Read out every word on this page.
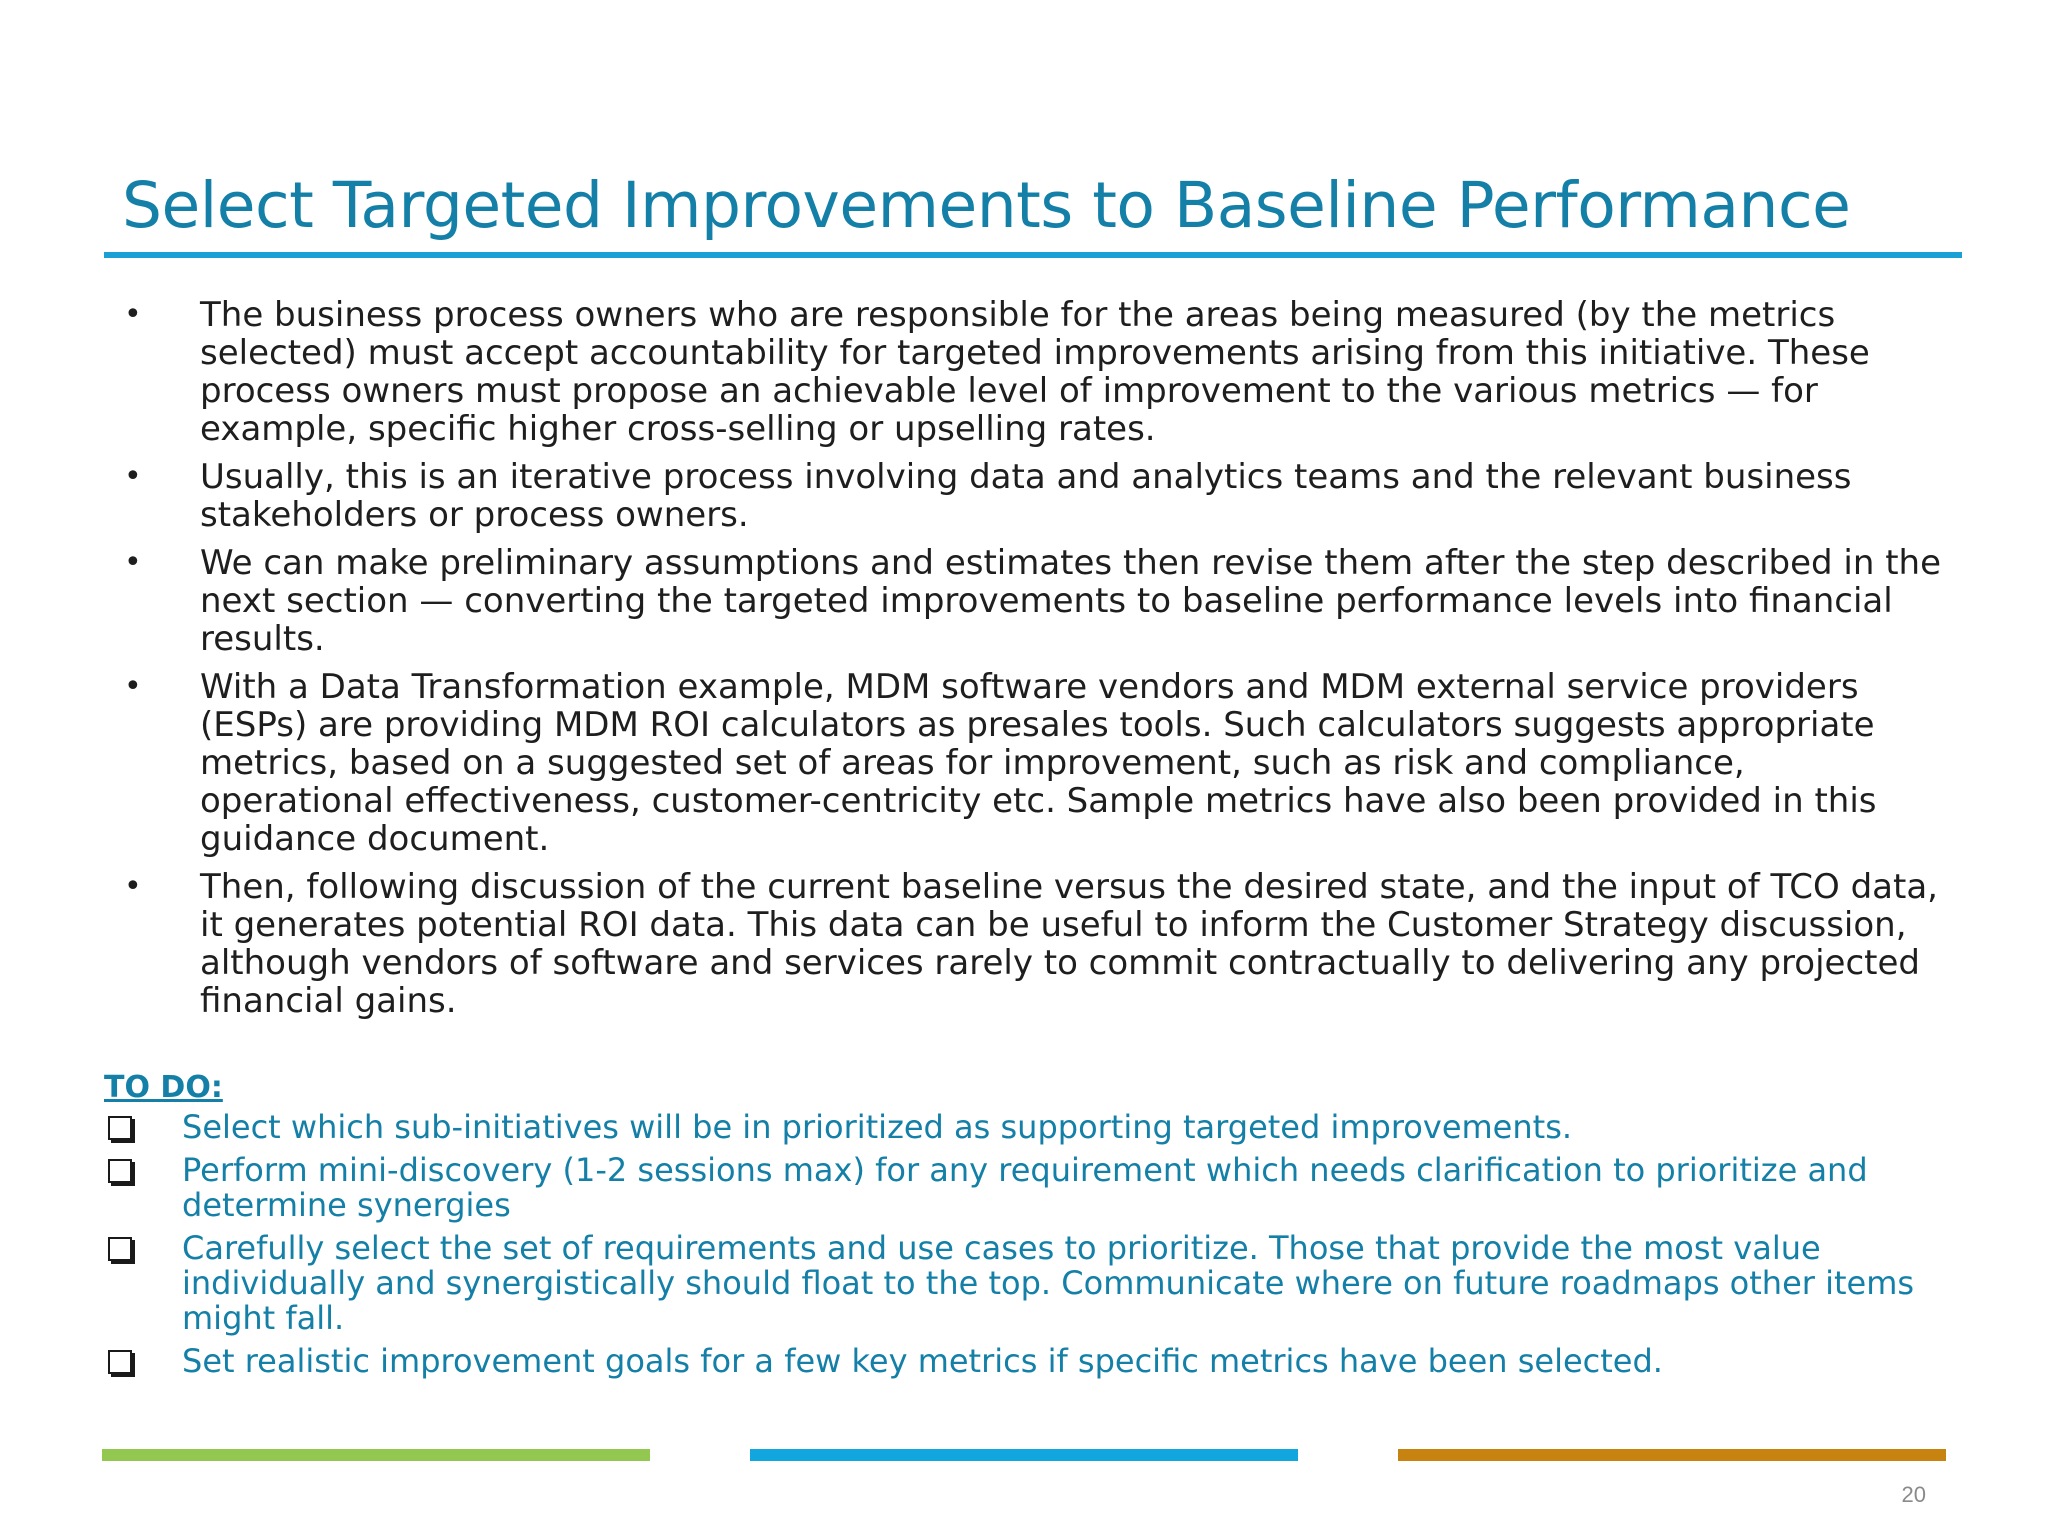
Select Targeted Improvements to Baseline Performance
•	The business process owners who are responsible for the areas being measured (by the metrics selected) must accept accountability for targeted improvements arising from this initiative. These process owners must propose an achievable level of improvement to the various metrics — for example, specific higher cross-selling or upselling rates.
•	Usually, this is an iterative process involving data and analytics teams and the relevant business stakeholders or process owners.
•	We can make preliminary assumptions and estimates then revise them after the step described in the next section — converting the targeted improvements to baseline performance levels into financial results.
•	With a Data Transformation example, MDM software vendors and MDM external service providers (ESPs) are providing MDM ROI calculators as presales tools. Such calculators suggests appropriate metrics, based on a suggested set of areas for improvement, such as risk and compliance, operational effectiveness, customer-centricity etc. Sample metrics have also been provided in this guidance document.
•	Then, following discussion of the current baseline versus the desired state, and the input of TCO data, it generates potential ROI data. This data can be useful to inform the Customer Strategy discussion, although vendors of software and services rarely to commit contractually to delivering any projected financial gains.
TO DO:
Select which sub-initiatives will be in prioritized as supporting targeted improvements.
Perform mini-discovery (1-2 sessions max) for any requirement which needs clarification to prioritize and determine synergies
Carefully select the set of requirements and use cases to prioritize. Those that provide the most value individually and synergistically should float to the top. Communicate where on future roadmaps other items might fall.
Set realistic improvement goals for a few key metrics if specific metrics have been selected.
20
